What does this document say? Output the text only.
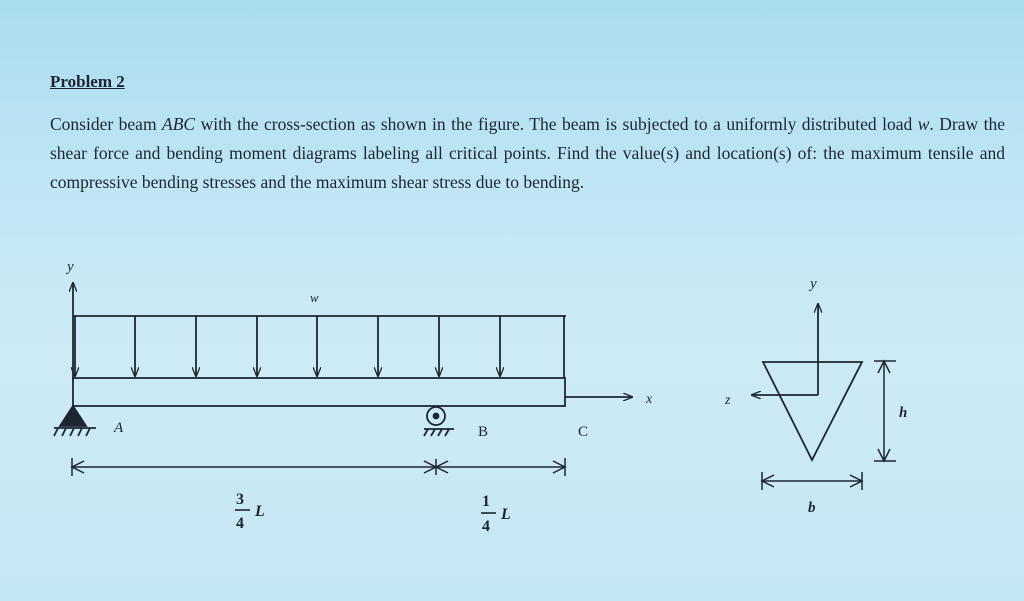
Problem 2
Consider beam ABC with the cross-section as shown in the figure. The beam is subjected to a uniformly distributed load w. Draw the shear force and bending moment diagrams labeling all critical points. Find the value(s) and location(s) of: the maximum tensile and compressive bending stresses and the maximum shear stress due to bending.
y
w
x
A	B	C
3
4
L
1
4
L
y
z
h
b
